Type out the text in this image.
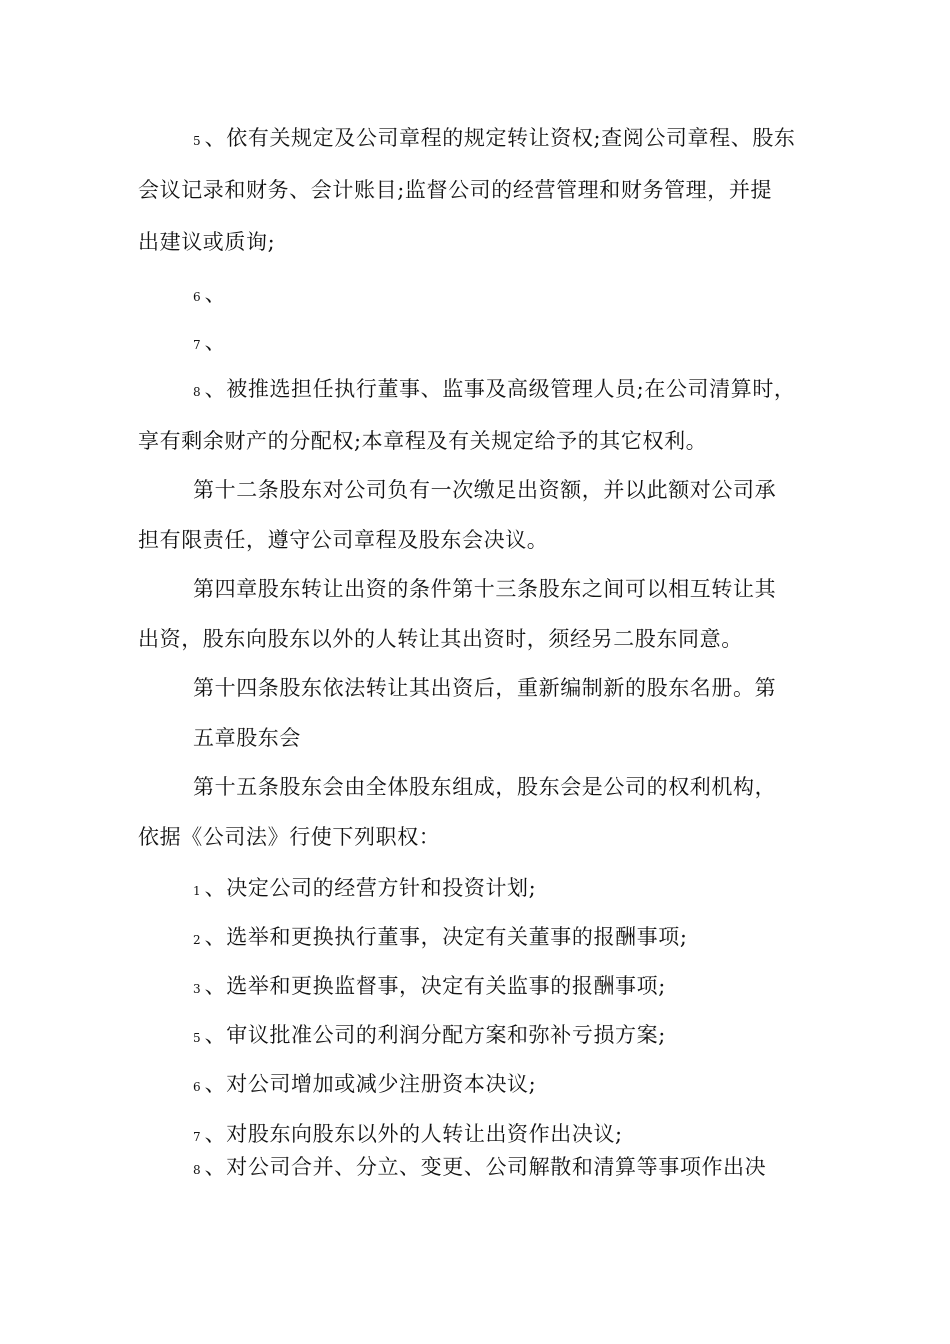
5 、依有关规定及公司章程的规定转让资权;查阅公司章程、股东
会议记录和财务、会计账目;监督公司的经营管理和财务管理，并提
出建议或质询;
6 、
7 、
8 、被推选担任执行董事、监事及高级管理人员;在公司清算时，
享有剩余财产的分配权;本章程及有关规定给予的其它权利。
第十二条股东对公司负有一次缴足出资额，并以此额对公司承
担有限责任，遵守公司章程及股东会决议。
第四章股东转让出资的条件第十三条股东之间可以相互转让其
出资，股东向股东以外的人转让其出资时，须经另二股东同意。
第十四条股东依法转让其出资后，重新编制新的股东名册。第
五章股东会
第十五条股东会由全体股东组成，股东会是公司的权利机构，
依据《公司法》行使下列职权：
1 、决定公司的经营方针和投资计划;
2 、选举和更换执行董事，决定有关董事的报酬事项;
3 、选举和更换监督事，决定有关监事的报酬事项;
5 、审议批准公司的利润分配方案和弥补亏损方案;
6 、对公司增加或减少注册资本决议;
7 、对股东向股东以外的人转让出资作出决议;
8 、对公司合并、分立、变更、公司解散和清算等事项作出决
